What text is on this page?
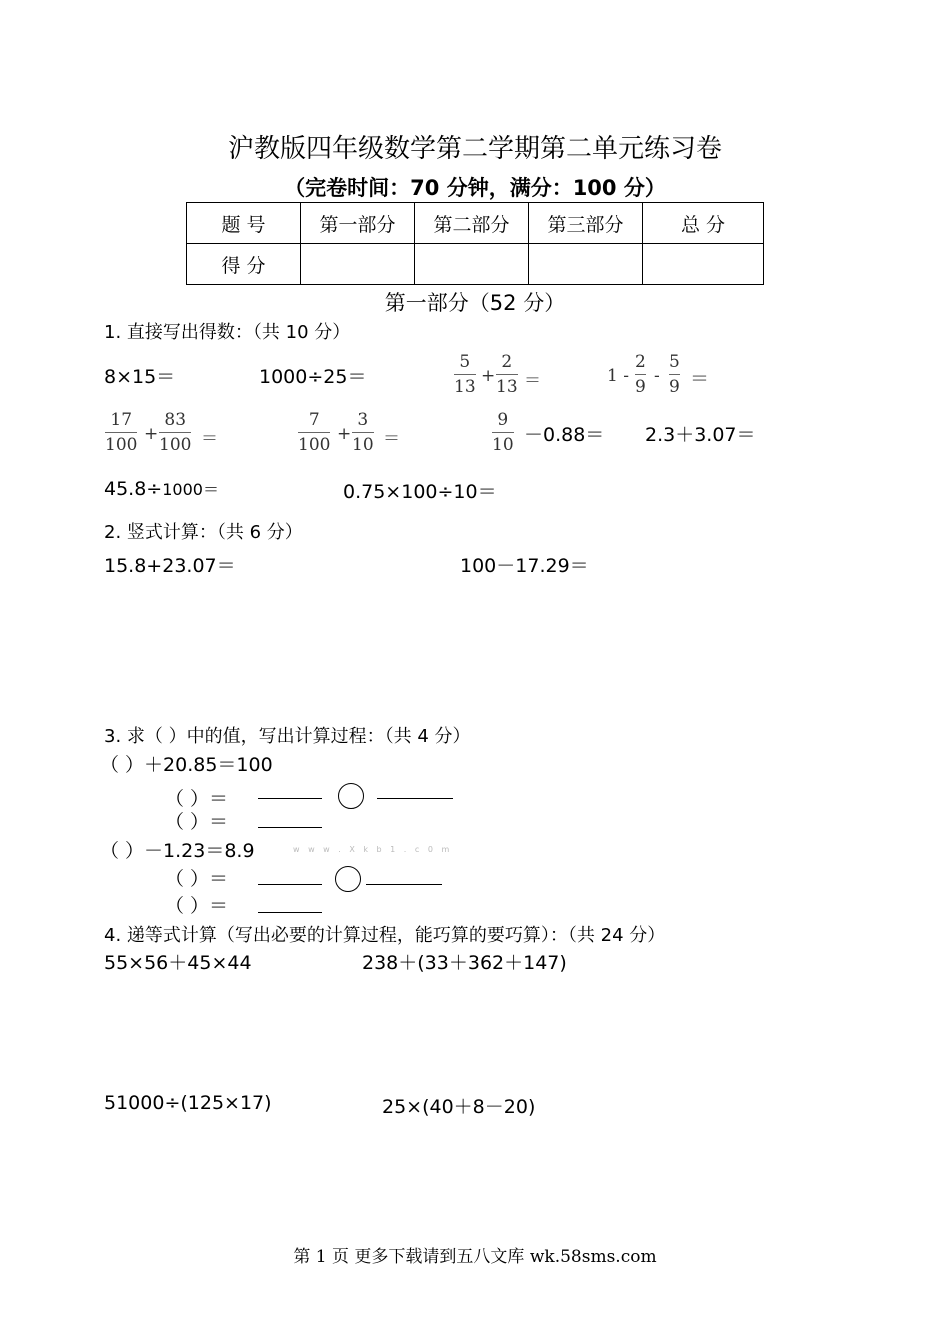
沪教版四年级数学第二学期第二单元练习卷
（完卷时间：70 分钟，满分：100 分）
题 号	第一部分	第二部分	第三部分	总 分
得 分				
第一部分（52 分）
1. 直接写出得数：（共 10 分）
8×15＝	1000÷25＝
5
13
+
2
13 ＝	1 -
2
9
-
5
9 ＝
17
100
+
83
100 ＝
7
100
+
3
10 ＝
9
10 －0.88＝ 2.3＋3.07＝
45.8÷1000＝	0.75×100÷10＝
2. 竖式计算：（共 6 分）
15.8+23.07＝	100－17.29＝
3. 求（ ）中的值，写出计算过程：（共 4 分）
（ ）＋20.85＝100
（ ）＝
（ ）＝
（ ）－1.23＝8.9	w w w . X k b 1 . c 0 m
（ ）＝
（ ）＝
4. 递等式计算（写出必要的计算过程，能巧算的要巧算）：（共 24 分）
55×56＋45×44	238＋(33＋362＋147)
51000÷(125×17)	25×(40＋8－20)
第 1 页 更多下载请到五八文库 wk.58sms.com
